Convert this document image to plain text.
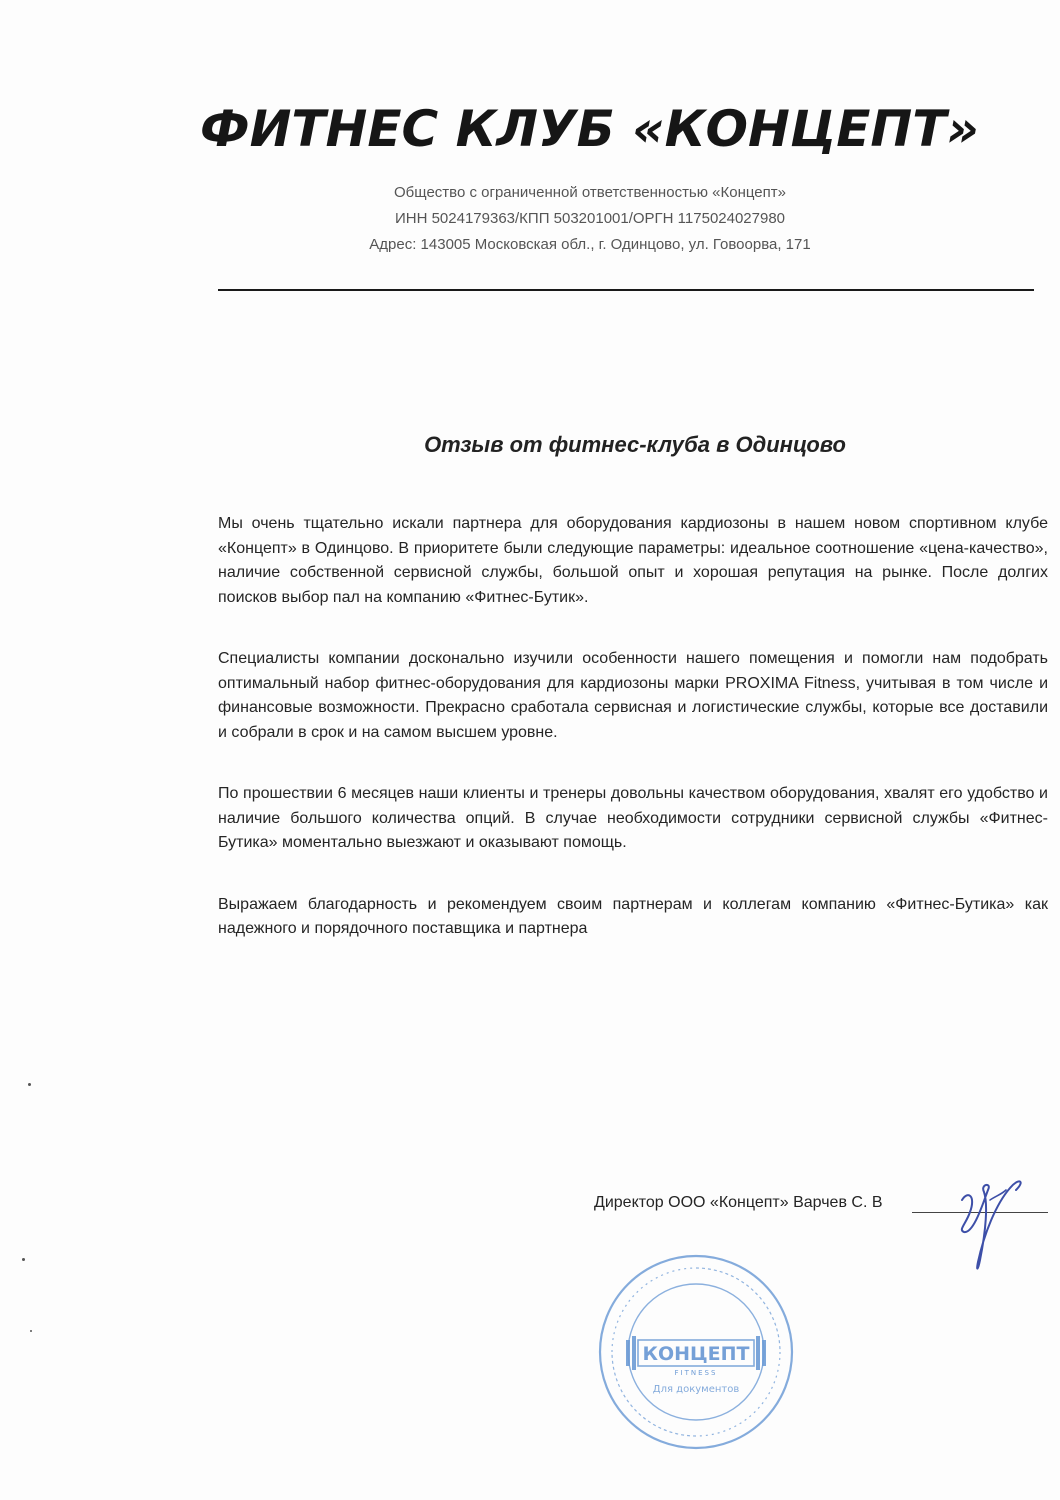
ФИТНЕС КЛУБ «КОНЦЕПТ»
Общество с ограниченной ответственностью «Концепт»
ИНН 5024179363/КПП 503201001/ОРГН 1175024027980
Адрес: 143005 Московская обл., г. Одинцово, ул. Говоорва, 171
Отзыв от фитнес-клуба в Одинцово

Мы очень тщательно искали партнера для оборудования кардиозоны в нашем новом спортивном клубе «Концепт» в Одинцово. В приоритете были следующие параметры: идеальное соотношение «цена-качество», наличие собственной сервисной службы, большой опыт и хорошая репутация на рынке. После долгих поисков выбор пал на компанию «Фитнес-Бутик».

Специалисты компании досконально изучили особенности нашего помещения и помогли нам подобрать оптимальный набор фитнес-оборудования для кардиозоны марки PROXIMA Fitness, учитывая в том числе и финансовые возможности. Прекрасно сработала сервисная и логистические службы, которые все доставили и собрали в срок и на самом высшем уровне.

По прошествии 6 месяцев наши клиенты и тренеры довольны качеством оборудования, хвалят его удобство и наличие большого количества опций. В случае необходимости сотрудники сервисной службы «Фитнес-Бутика» моментально выезжают и оказывают помощь.

Выражаем благодарность и рекомендуем своим партнерам и коллегам компанию «Фитнес-Бутика» как надежного и порядочного поставщика и партнера

Директор ООО «Концепт» Варчев С. В
КОНЦЕПТ
FITNESS
Для документов
